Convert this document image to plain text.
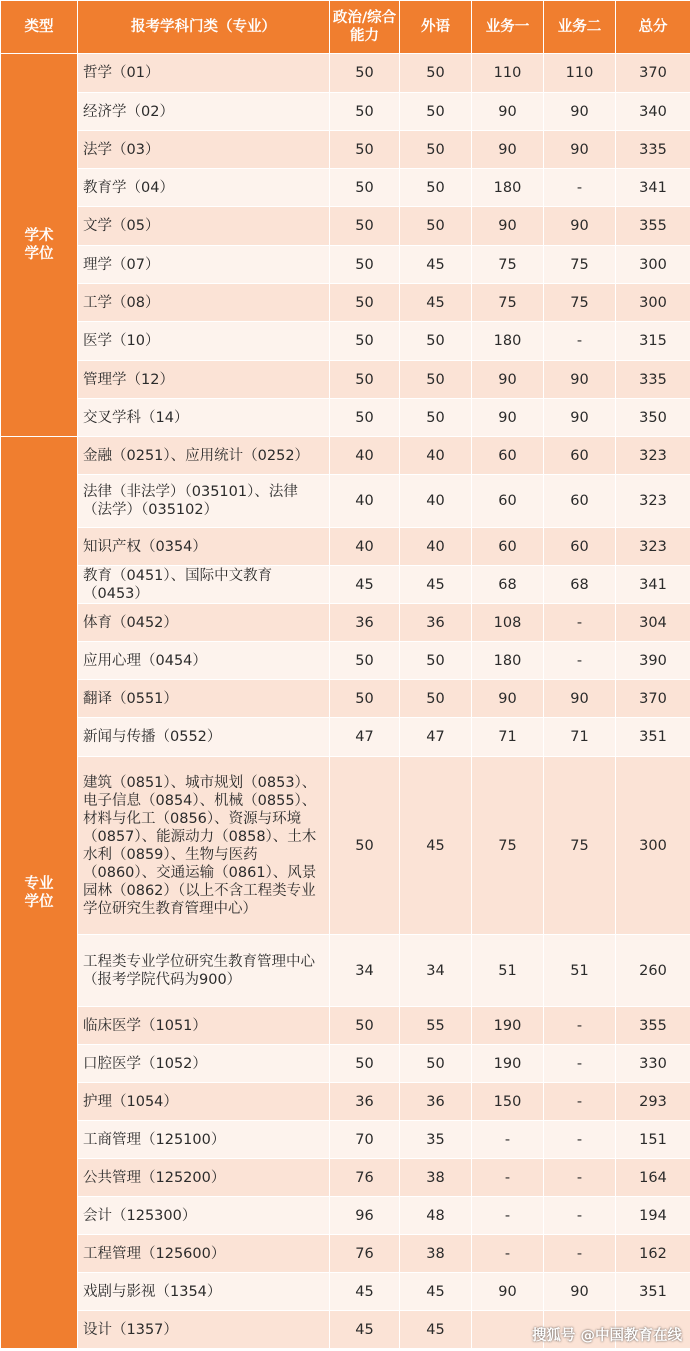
类型	报考学科门类（专业）	政治/综合能力	外语	业务一	业务二	总分
学术学位	哲学（01）	50	50	110	110	370
	经济学（02）	50	50	90	90	340
	法学（03）	50	50	90	90	335
	教育学（04）	50	50	180	-	341
	文学（05）	50	50	90	90	355
	理学（07）	50	45	75	75	300
	工学（08）	50	45	75	75	300
	医学（10）	50	50	180	-	315
	管理学（12）	50	50	90	90	335
	交叉学科（14）	50	50	90	90	350
专业学位	金融（0251）、应用统计（0252）	40	40	60	60	323
	法律（非法学）（035101）、法律（法学）（035102）	40	40	60	60	323
	知识产权（0354）	40	40	60	60	323
	教育（0451）、国际中文教育（0453）	45	45	68	68	341
	体育（0452）	36	36	108	-	304
	应用心理（0454）	50	50	180	-	390
	翻译（0551）	50	50	90	90	370
	新闻与传播（0552）	47	47	71	71	351
	建筑（0851）、城市规划（0853）、电子信息（0854）、机械（0855）、材料与化工（0856）、资源与环境（0857）、能源动力（0858）、土木水利（0859）、生物与医药（0860）、交通运输（0861）、风景园林（0862）（以上不含工程类专业学位研究生教育管理中心）	50	45	75	75	300
	工程类专业学位研究生教育管理中心（报考学院代码为900）	34	34	51	51	260
	临床医学（1051）	50	55	190	-	355
	口腔医学（1052）	50	50	190	-	330
	护理（1054）	36	36	150	-	293
	工商管理（125100）	70	35	-	-	151
	公共管理（125200）	76	38	-	-	164
	会计（125300）	96	48	-	-	194
	工程管理（125600）	76	38	-	-	162
	戏剧与影视（1354）	45	45	90	90	351
	设计（1357）	45	45				搜狐号 @中国教育在线
